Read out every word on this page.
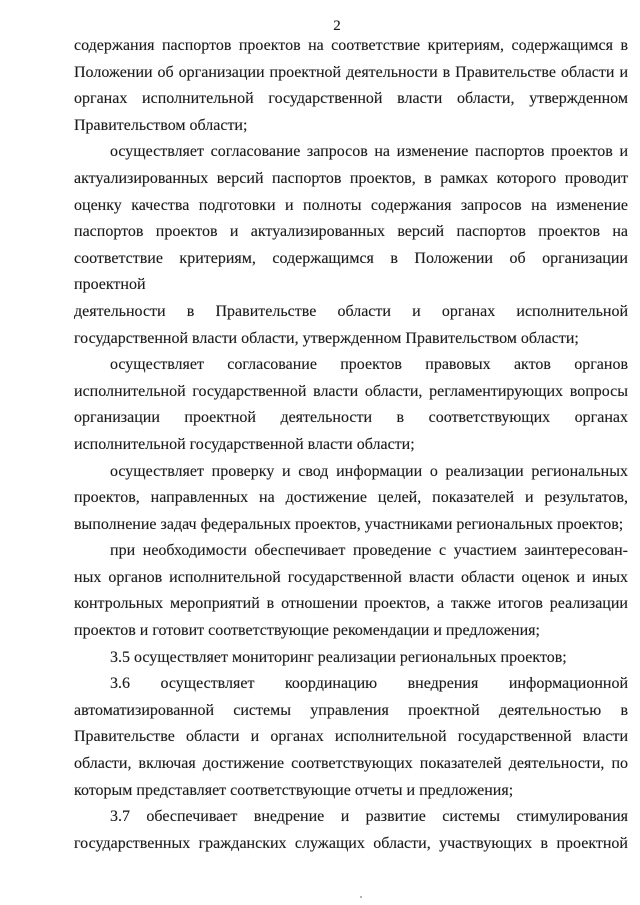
2
содержания паспортов проектов на соответствие критериям, содержащимся в
Положении об организации проектной деятельности в Правительстве области и
органах исполнительной государственной власти области, утвержденном
Правительством области;
осуществляет согласование запросов на изменение паспортов проектов и
актуализированных версий паспортов проектов, в рамках которого проводит
оценку качества подготовки и полноты содержания запросов на изменение
паспортов проектов и актуализированных версий паспортов проектов на
соответствие критериям, содержащимся в Положении об организации проектной
деятельности в Правительстве области и органах исполнительной
государственной власти области, утвержденном Правительством области;
осуществляет согласование проектов правовых актов органов
исполнительной государственной власти области, регламентирующих вопросы
организации проектной деятельности в соответствующих органах
исполнительной государственной власти области;
осуществляет проверку и свод информации о реализации региональных
проектов, направленных на достижение целей, показателей и результатов,
выполнение задач федеральных проектов, участниками региональных проектов;
при необходимости обеспечивает проведение с участием заинтересован-
ных органов исполнительной государственной власти области оценок и иных
контрольных мероприятий в отношении проектов, а также итогов реализации
проектов и готовит соответствующие рекомендации и предложения;
3.5 осуществляет мониторинг реализации региональных проектов;
3.6 осуществляет координацию внедрения информационной
автоматизированной системы управления проектной деятельностью в
Правительстве области и органах исполнительной государственной власти
области, включая достижение соответствующих показателей деятельности, по
которым представляет соответствующие отчеты и предложения;
3.7 обеспечивает внедрение и развитие системы стимулирования
государственных гражданских служащих области, участвующих в проектной
